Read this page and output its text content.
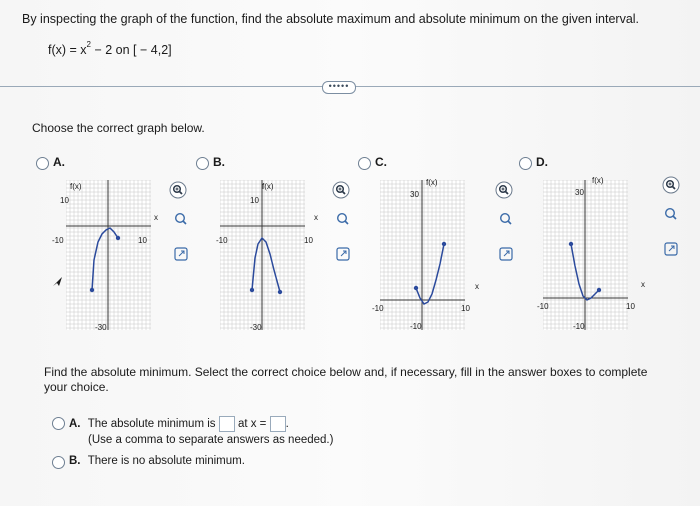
By inspecting the graph of the function, find the absolute maximum and absolute minimum on the given interval.
$f(x) = x^2 - 2$ on [ − 4,2]
•••••
Choose the correct graph below.
A.
f(x)
10
-10	10
-30
x
B.
f(x)
10
-10	10
-30
x
C.
f(x)
30
-10	10
-10
x
D.
f(x)
30
-10	10
-10
x
Find the absolute minimum. Select the correct choice below and, if necessary, fill in the answer boxes to complete your choice.
A. The absolute minimum is at x = .
(Use a comma to separate answers as needed.)
B. There is no absolute minimum.
